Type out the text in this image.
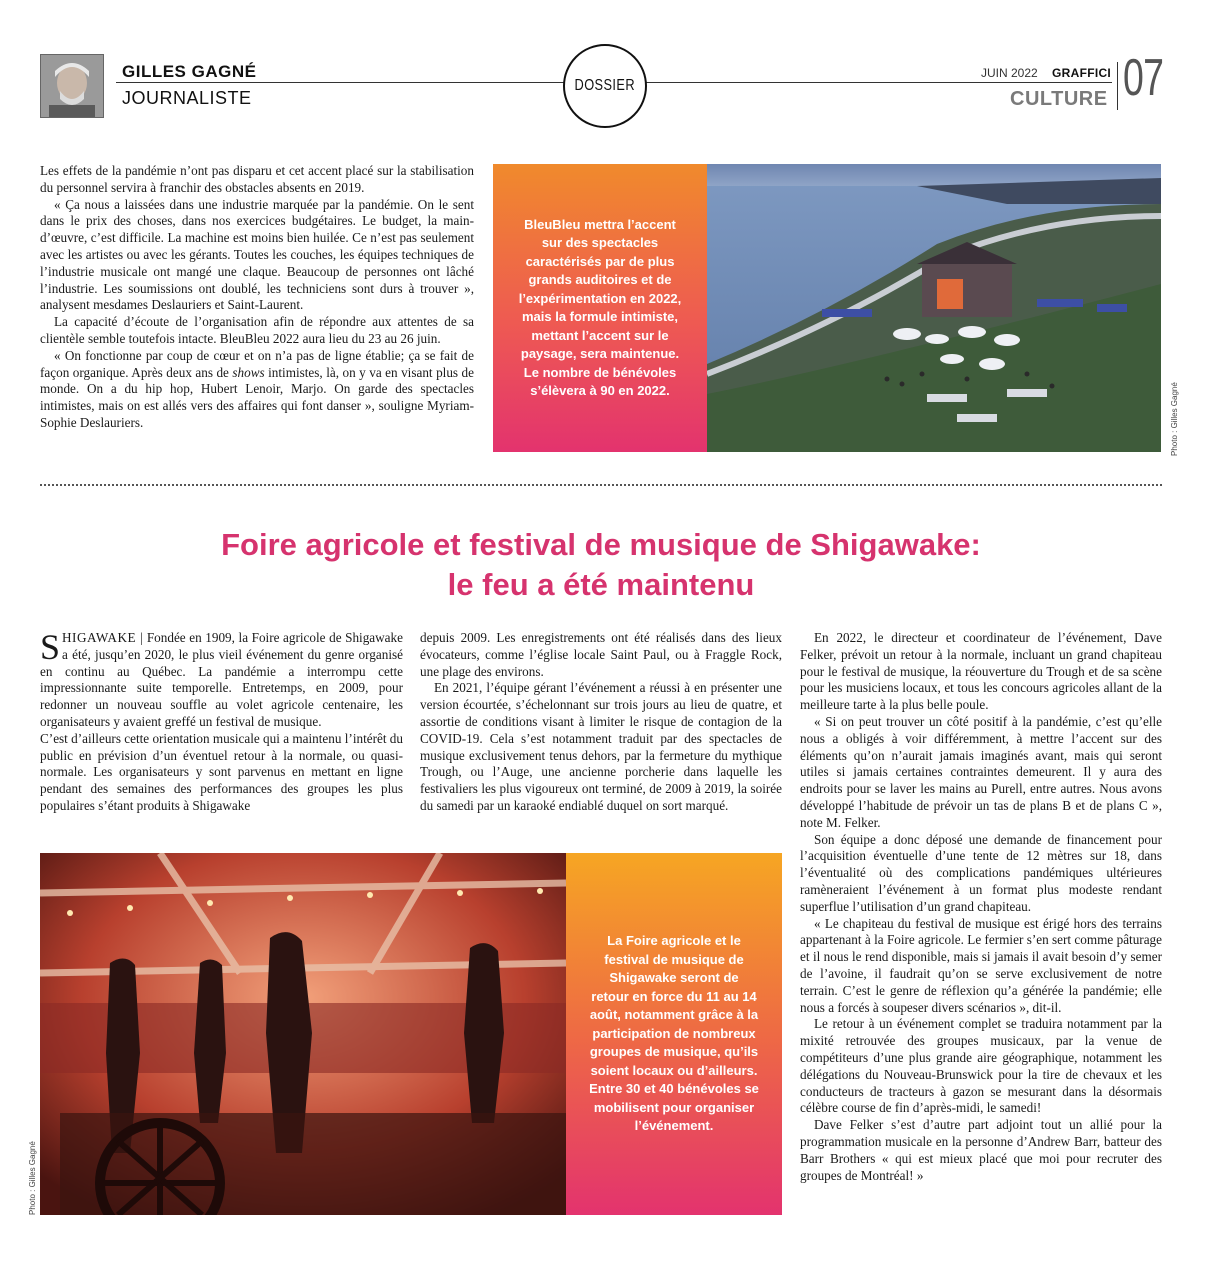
GILLES GAGNÉ
JOURNALISTE
DOSSIER
JUIN 2022 GRAFFICI
CULTURE 07

Les effets de la pandémie n’ont pas disparu et cet accent placé sur la stabilisation du personnel servira à franchir des obstacles absents en 2019.

« Ça nous a laissées dans une industrie marquée par la pandémie. On le sent dans le prix des choses, dans nos exercices budgétaires. Le budget, la main-d’œuvre, c’est difficile. La machine est moins bien huilée. Ce n’est pas seulement avec les artistes ou avec les gérants. Toutes les couches, les équipes techniques de l’industrie musicale ont mangé une claque. Beaucoup de personnes ont lâché l’industrie. Les soumissions ont doublé, les techniciens sont durs à trouver », analysent mesdames Deslauriers et Saint-Laurent.

La capacité d’écoute de l’organisation afin de répondre aux attentes de sa clientèle semble toutefois intacte. BleuBleu 2022 aura lieu du 23 au 26 juin.

« On fonctionne par coup de cœur et on n’a pas de ligne établie; ça se fait de façon organique. Après deux ans de shows intimistes, là, on y va en visant plus de monde. On a du hip hop, Hubert Lenoir, Marjo. On garde des spectacles intimistes, mais on est allés vers des affaires qui font danser », souligne Myriam-Sophie Deslauriers.

BleuBleu mettra l’accent sur des spectacles caractérisés par de plus grands auditoires et de l’expérimentation en 2022, mais la formule intimiste, mettant l’accent sur le paysage, sera maintenue. Le nombre de bénévoles s’élèvera à 90 en 2022.	Photo : Gilles Gagné
Foire agricole et festival de musique de Shigawake:
le feu a été maintenu

SHIGAWAKE | Fondée en 1909, la Foire agricole de Shigawake a été, jusqu’en 2020, le plus vieil événement du genre organisé en continu au Québec. La pandémie a interrompu cette impressionnante suite temporelle. Entretemps, en 2009, pour redonner un nouveau souffle au volet agricole centenaire, les organisateurs y avaient greffé un festival de musique.

C’est d’ailleurs cette orientation musicale qui a maintenu l’intérêt du public en prévision d’un éventuel retour à la normale, ou quasi-normale. Les organisateurs y sont parvenus en mettant en ligne pendant des semaines des performances des groupes les plus populaires s’étant produits à Shigawake

depuis 2009. Les enregistrements ont été réalisés dans des lieux évocateurs, comme l’église locale Saint Paul, ou à Fraggle Rock, une plage des environs.

En 2021, l’équipe gérant l’événement a réussi à en présenter une version écourtée, s’échelonnant sur trois jours au lieu de quatre, et assortie de conditions visant à limiter le risque de contagion de la COVID-19. Cela s’est notamment traduit par des spectacles de musique exclusivement tenus dehors, par la fermeture du mythique Trough, ou l’Auge, une ancienne porcherie dans laquelle les festivaliers les plus vigoureux ont terminé, de 2009 à 2019, la soirée du samedi par un karaoké endiablé duquel on sort marqué.

En 2022, le directeur et coordinateur de l’événement, Dave Felker, prévoit un retour à la normale, incluant un grand chapiteau pour le festival de musique, la réouverture du Trough et de sa scène pour les musiciens locaux, et tous les concours agricoles allant de la meilleure tarte à la plus belle poule.

« Si on peut trouver un côté positif à la pandémie, c’est qu’elle nous a obligés à voir différemment, à mettre l’accent sur des éléments qu’on n’aurait jamais imaginés avant, mais qui seront utiles si jamais certaines contraintes demeurent. Il y aura des endroits pour se laver les mains au Purell, entre autres. Nous avons développé l’habitude de prévoir un tas de plans B et de plans C », note M. Felker.

Son équipe a donc déposé une demande de financement pour l’acquisition éventuelle d’une tente de 12 mètres sur 18, dans l’éventualité où des complications pandémiques ultérieures ramèneraient l’événement à un format plus modeste rendant superflue l’utilisation d’un grand chapiteau.

« Le chapiteau du festival de musique est érigé hors des terrains appartenant à la Foire agricole. Le fermier s’en sert comme pâturage et il nous le rend disponible, mais si jamais il avait besoin d’y semer de l’avoine, il faudrait qu’on se serve exclusivement de notre terrain. C’est le genre de réflexion qu’a générée la pandémie; elle nous a forcés à soupeser divers scénarios », dit-il.

Le retour à un événement complet se traduira notamment par la mixité retrouvée des groupes musicaux, par la venue de compétiteurs d’une plus grande aire géographique, notamment les délégations du Nouveau-Brunswick pour la tire de chevaux et les conducteurs de tracteurs à gazon se mesurant dans la désormais célèbre course de fin d’après-midi, le samedi!

Dave Felker s’est d’autre part adjoint tout un allié pour la programmation musicale en la personne d’Andrew Barr, batteur des Barr Brothers « qui est mieux placé que moi pour recruter des groupes de Montréal! »

La Foire agricole et le festival de musique de Shigawake seront de retour en force du 11 au 14 août, notamment grâce à la participation de nombreux groupes de musique, qu’ils soient locaux ou d’ailleurs. Entre 30 et 40 bénévoles se mobilisent pour organiser l’événement.
Photo : Gilles Gagné
